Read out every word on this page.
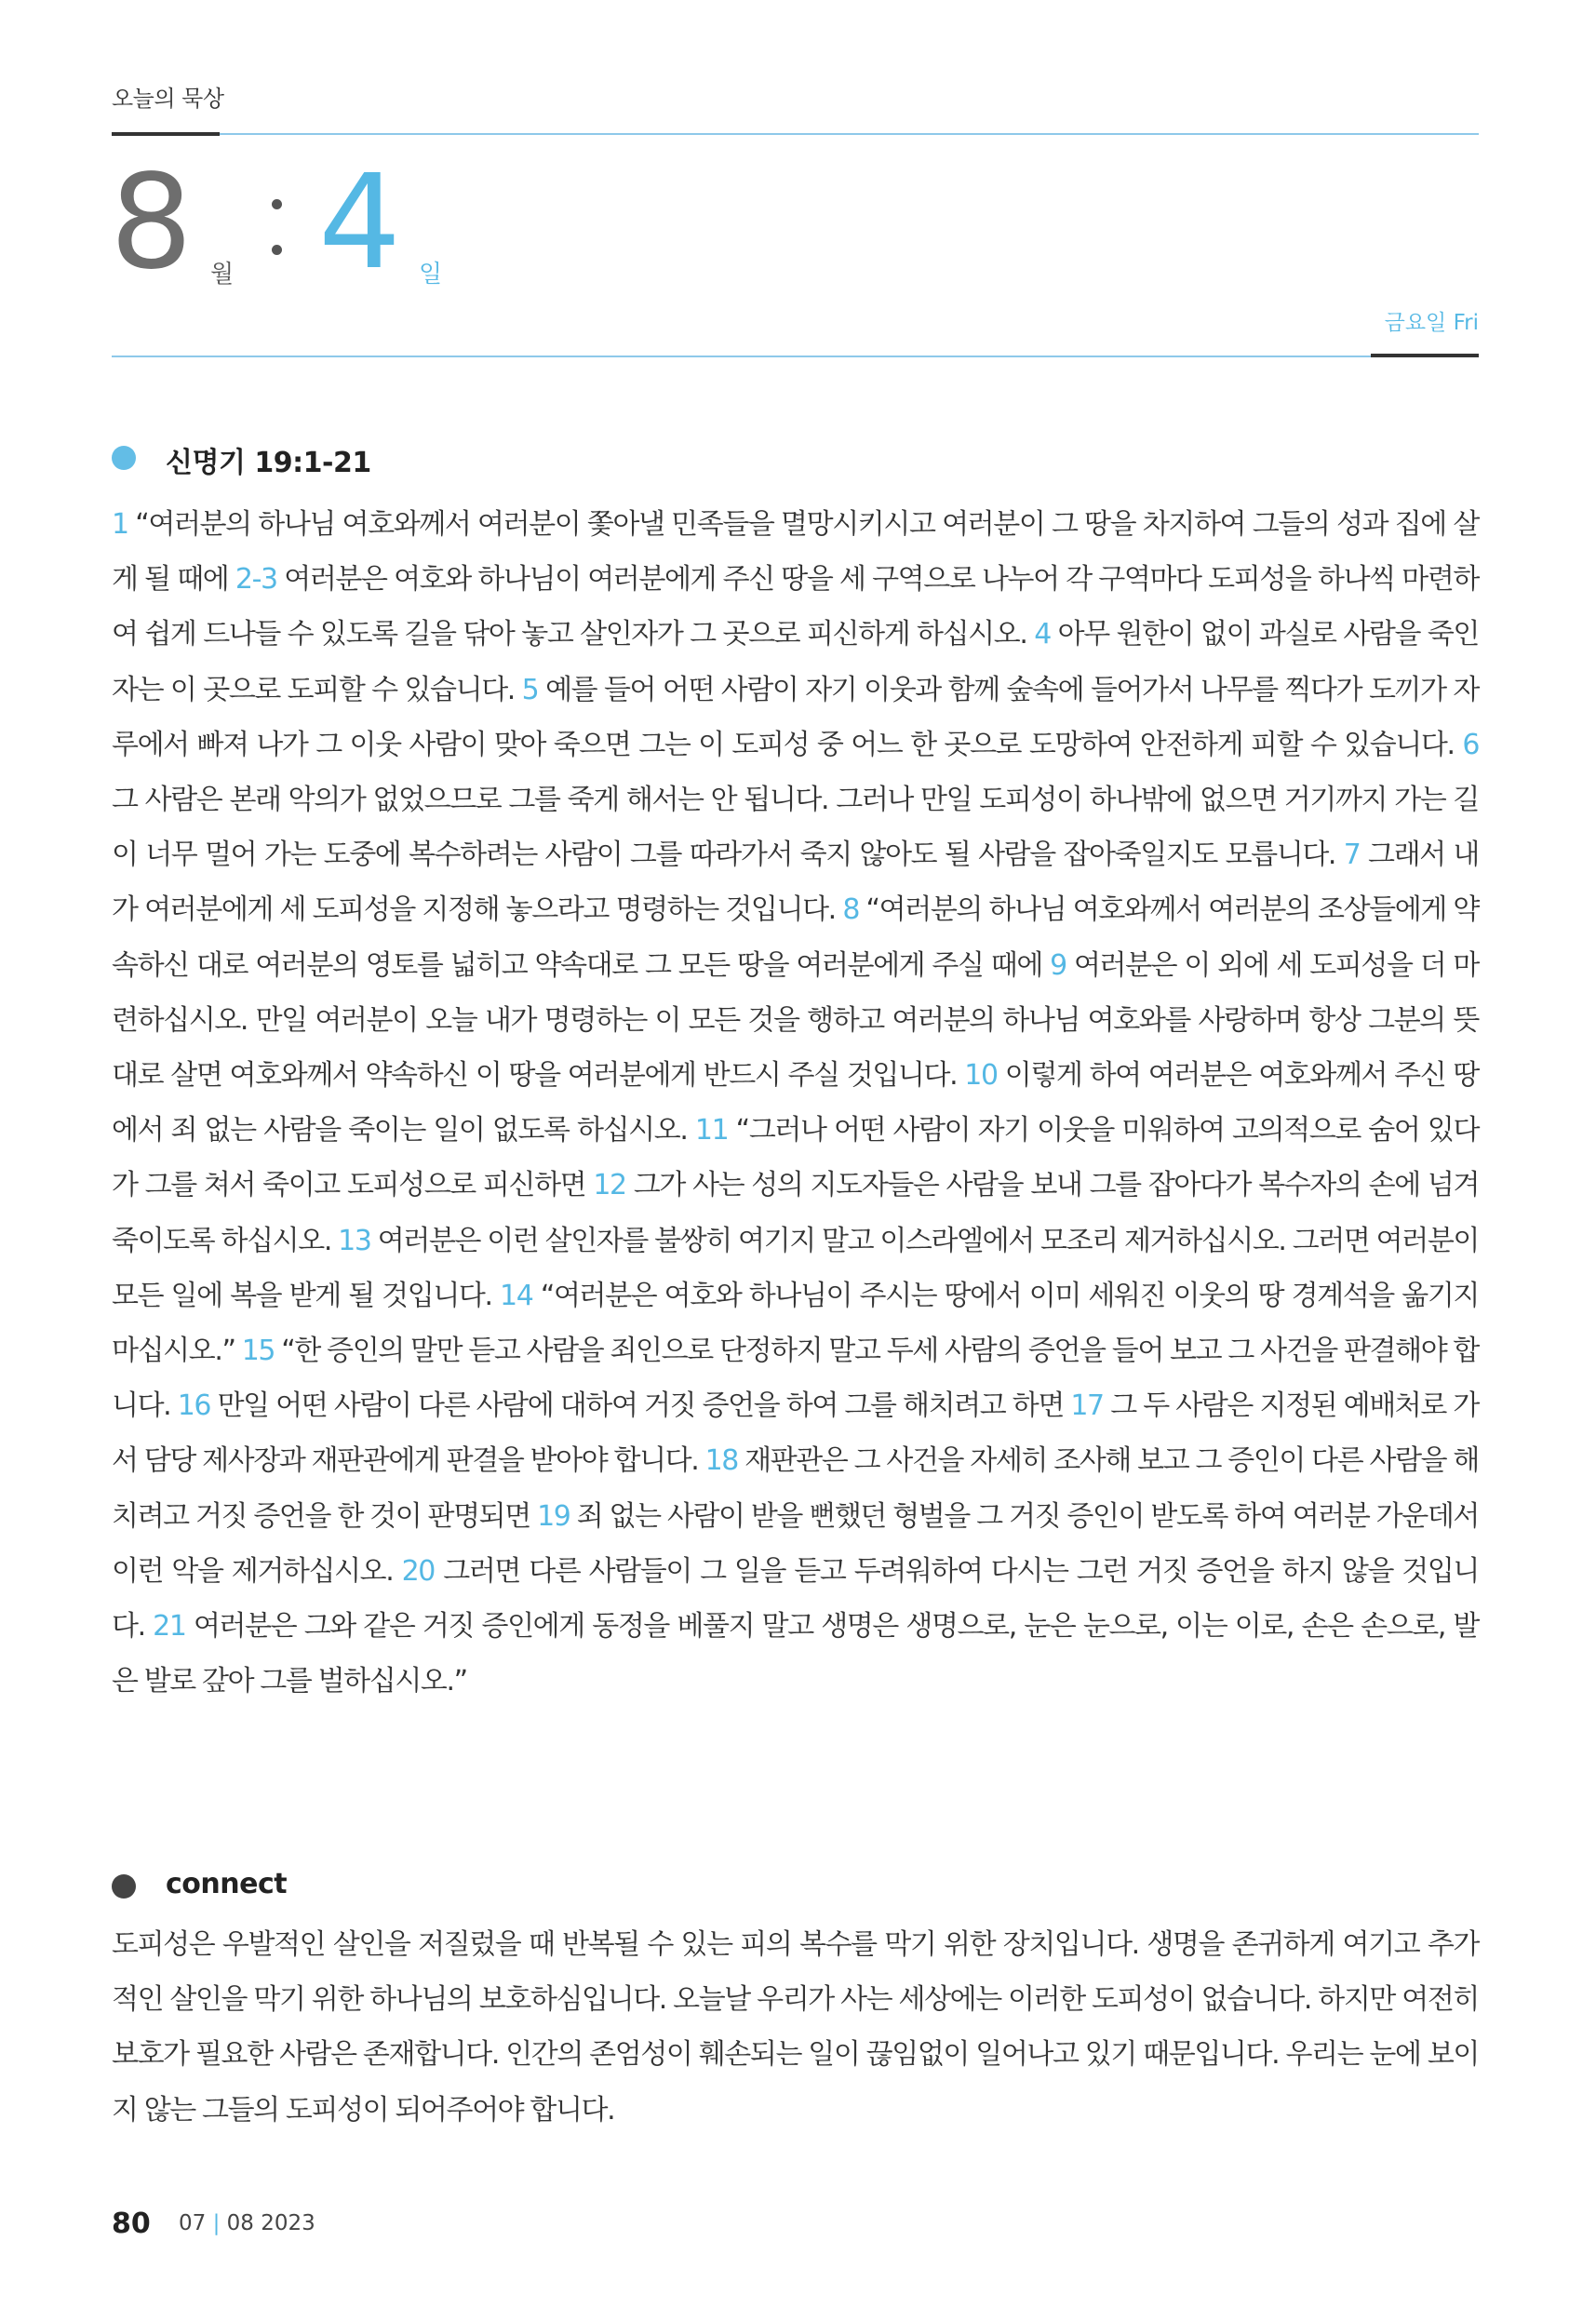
오늘의 묵상
8 월 4 일
금요일 Fri
신명기 19:1-21
1 “여러분의 하나님 여호와께서 여러분이 쫓아낼 민족들을 멸망시키시고 여러분이 그 땅을 차지하여 그들의 성과 집에 살게 될 때에 2-3 여러분은 여호와 하나님이 여러분에게 주신 땅을 세 구역으로 나누어 각 구역마다 도피성을 하나씩 마련하여 쉽게 드나들 수 있도록 길을 닦아 놓고 살인자가 그 곳으로 피신하게 하십시오. 4 아무 원한이 없이 과실로 사람을 죽인 자는 이 곳으로 도피할 수 있습니다. 5 예를 들어 어떤 사람이 자기 이웃과 함께 숲속에 들어가서 나무를 찍다가 도끼가 자루에서 빠져 나가 그 이웃 사람이 맞아 죽으면 그는 이 도피성 중 어느 한 곳으로 도망하여 안전하게 피할 수 있습니다. 6 그 사람은 본래 악의가 없었으므로 그를 죽게 해서는 안 됩니다. 그러나 만일 도피성이 하나밖에 없으면 거기까지 가는 길이 너무 멀어 가는 도중에 복수하려는 사람이 그를 따라가서 죽지 않아도 될 사람을 잡아죽일지도 모릅니다. 7 그래서 내가 여러분에게 세 도피성을 지정해 놓으라고 명령하는 것입니다. 8 “여러분의 하나님 여호와께서 여러분의 조상들에게 약속하신 대로 여러분의 영토를 넓히고 약속대로 그 모든 땅을 여러분에게 주실 때에 9 여러분은 이 외에 세 도피성을 더 마련하십시오. 만일 여러분이 오늘 내가 명령하는 이 모든 것을 행하고 여러분의 하나님 여호와를 사랑하며 항상 그분의 뜻대로 살면 여호와께서 약속하신 이 땅을 여러분에게 반드시 주실 것입니다. 10 이렇게 하여 여러분은 여호와께서 주신 땅에서 죄 없는 사람을 죽이는 일이 없도록 하십시오. 11 “그러나 어떤 사람이 자기 이웃을 미워하여 고의적으로 숨어 있다가 그를 쳐서 죽이고 도피성으로 피신하면 12 그가 사는 성의 지도자들은 사람을 보내 그를 잡아다가 복수자의 손에 넘겨 죽이도록 하십시오. 13 여러분은 이런 살인자를 불쌍히 여기지 말고 이스라엘에서 모조리 제거하십시오. 그러면 여러분이 모든 일에 복을 받게 될 것입니다. 14 “여러분은 여호와 하나님이 주시는 땅에서 이미 세워진 이웃의 땅 경계석을 옮기지 마십시오.” 15 “한 증인의 말만 듣고 사람을 죄인으로 단정하지 말고 두세 사람의 증언을 들어 보고 그 사건을 판결해야 합니다. 16 만일 어떤 사람이 다른 사람에 대하여 거짓 증언을 하여 그를 해치려고 하면 17 그 두 사람은 지정된 예배처로 가서 담당 제사장과 재판관에게 판결을 받아야 합니다. 18 재판관은 그 사건을 자세히 조사해 보고 그 증인이 다른 사람을 해치려고 거짓 증언을 한 것이 판명되면 19 죄 없는 사람이 받을 뻔했던 형벌을 그 거짓 증인이 받도록 하여 여러분 가운데서 이런 악을 제거하십시오. 20 그러면 다른 사람들이 그 일을 듣고 두려워하여 다시는 그런 거짓 증언을 하지 않을 것입니다. 21 여러분은 그와 같은 거짓 증인에게 동정을 베풀지 말고 생명은 생명으로, 눈은 눈으로, 이는 이로, 손은 손으로, 발은 발로 갚아 그를 벌하십시오.”
connect
도피성은 우발적인 살인을 저질렀을 때 반복될 수 있는 피의 복수를 막기 위한 장치입니다. 생명을 존귀하게 여기고 추가적인 살인을 막기 위한 하나님의 보호하심입니다. 오늘날 우리가 사는 세상에는 이러한 도피성이 없습니다. 하지만 여전히 보호가 필요한 사람은 존재합니다. 인간의 존엄성이 훼손되는 일이 끊임없이 일어나고 있기 때문입니다. 우리는 눈에 보이지 않는 그들의 도피성이 되어주어야 합니다.
80 07 | 08 2023
